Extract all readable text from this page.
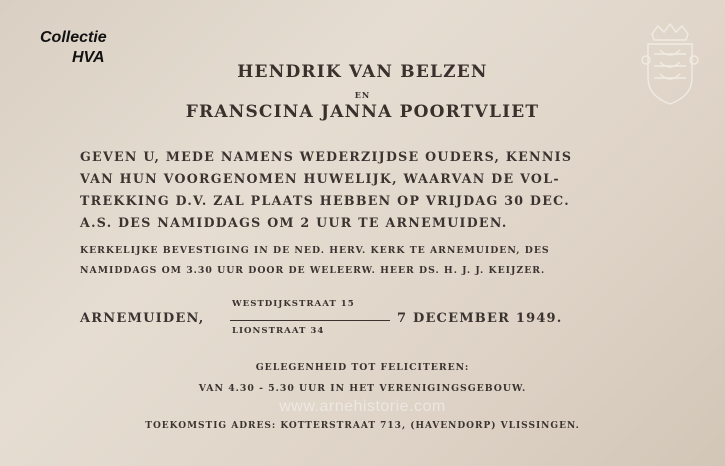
Collectie
HVA
HENDRIK VAN BELZEN
EN
FRANSCINA JANNA POORTVLIET
GEVEN U, MEDE NAMENS WEDERZIJDSE OUDERS, KENNIS
VAN HUN VOORGENOMEN HUWELIJK, WAARVAN DE VOL-
TREKKING D.V. ZAL PLAATS HEBBEN OP VRIJDAG 30 DEC.
A.S. DES NAMIDDAGS OM 2 UUR TE ARNEMUIDEN.
KERKELIJKE BEVESTIGING IN DE NED. HERV. KERK TE ARNEMUIDEN, DES
NAMIDDAGS OM 3.30 UUR DOOR DE WELEERW. HEER DS. H. J. J. KEIJZER.
ARNEMUIDEN,
WESTDIJKSTRAAT 15
LIONSTRAAT 34
7 DECEMBER 1949.
GELEGENHEID TOT FELICITEREN:
VAN 4.30 - 5.30 UUR IN HET VERENIGINGSGEBOUW.
www.arnehistorie.com
TOEKOMSTIG ADRES: KOTTERSTRAAT 713, (HAVENDORP) VLISSINGEN.
